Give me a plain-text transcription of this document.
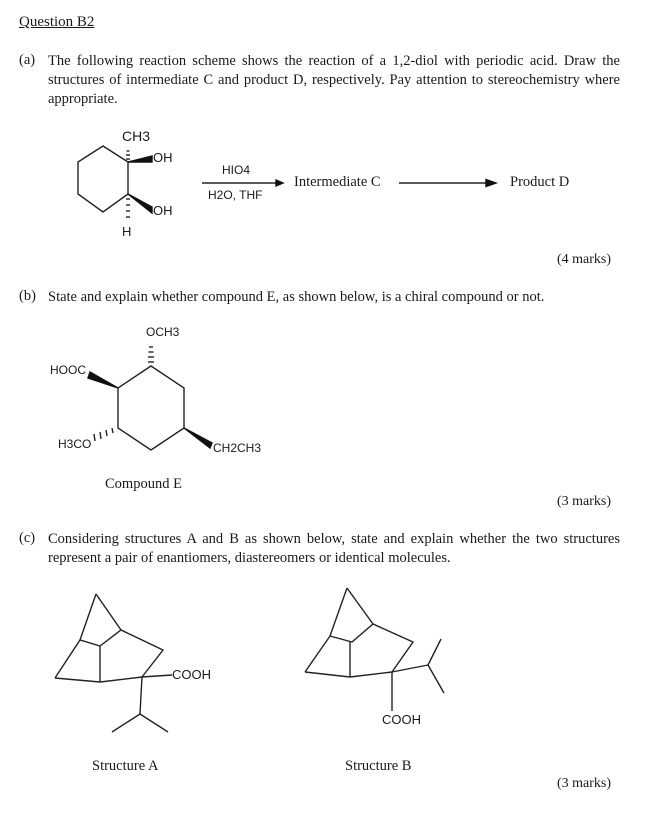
Question B2
(a) The following reaction scheme shows the reaction of a 1,2-diol with periodic acid. Draw the structures of intermediate C and product D, respectively. Pay attention to stereochemistry where appropriate.
CH3
OH
OH
H
HIO4
H2O, THF
Intermediate C	Product D
(4 marks)
(b) State and explain whether compound E, as shown below, is a chiral compound or not.
OCH3
HOOC
H3CO	CH2CH3
Compound E
(3 marks)
(c) Considering structures A and B as shown below, state and explain whether the two structures represent a pair of enantiomers, diastereomers or identical molecules.
COOH
COOH
Structure A	Structure B
(3 marks)
